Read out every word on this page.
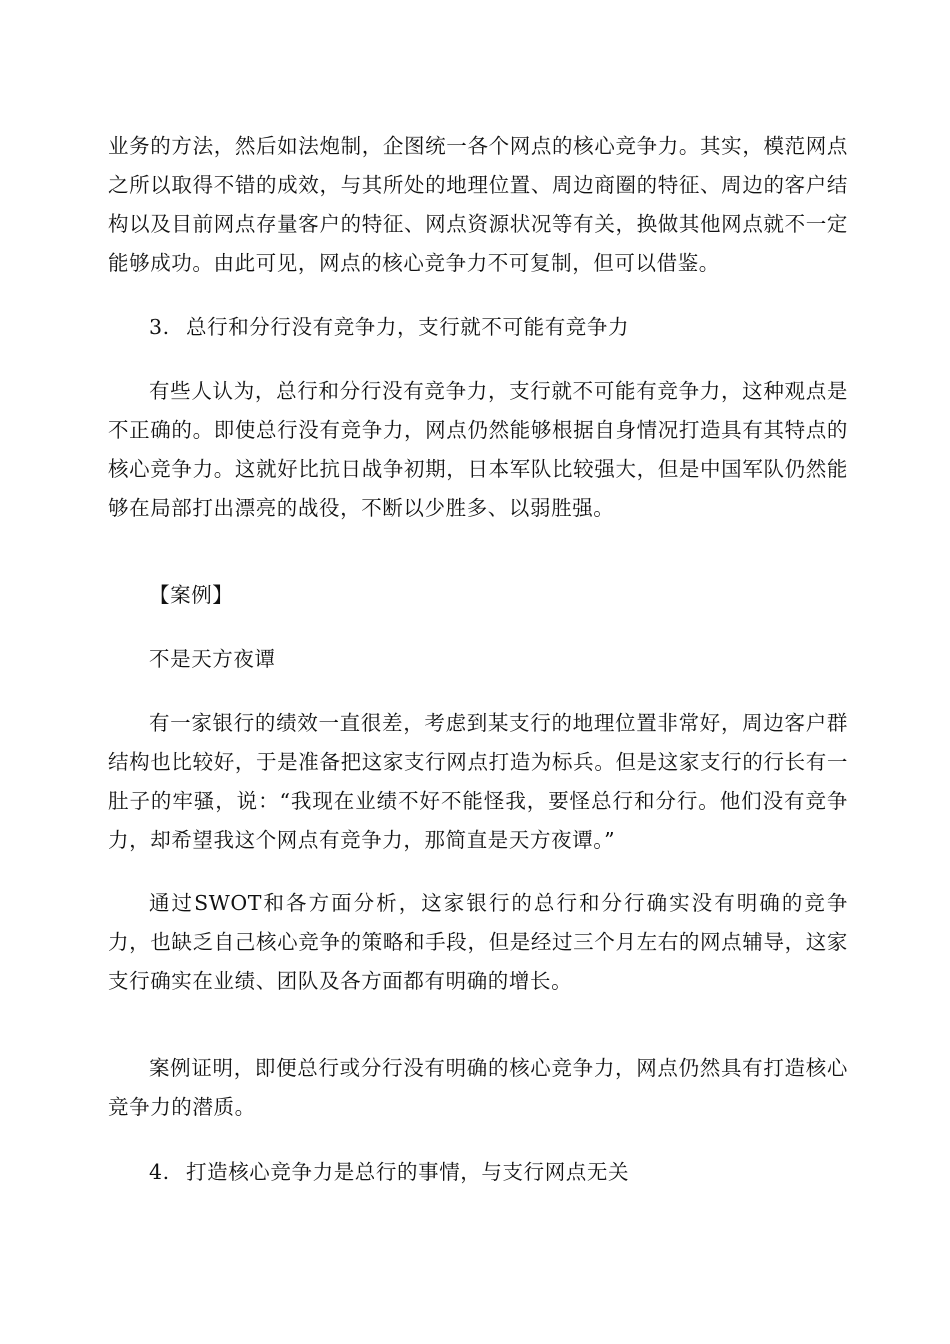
业务的方法，然后如法炮制，企图统一各个网点的核心竞争力。其实，模范网点之所以取得不错的成效，与其所处的地理位置、周边商圈的特征、周边的客户结构以及目前网点存量客户的特征、网点资源状况等有关，换做其他网点就不一定能够成功。由此可见，网点的核心竞争力不可复制，但可以借鉴。

3. 总行和分行没有竞争力，支行就不可能有竞争力

有些人认为，总行和分行没有竞争力，支行就不可能有竞争力，这种观点是不正确的。即使总行没有竞争力，网点仍然能够根据自身情况打造具有其特点的核心竞争力。这就好比抗日战争初期，日本军队比较强大，但是中国军队仍然能够在局部打出漂亮的战役，不断以少胜多、以弱胜强。

【案例】

不是天方夜谭

有一家银行的绩效一直很差，考虑到某支行的地理位置非常好，周边客户群结构也比较好，于是准备把这家支行网点打造为标兵。但是这家支行的行长有一肚子的牢骚，说：“我现在业绩不好不能怪我，要怪总行和分行。他们没有竞争力，却希望我这个网点有竞争力，那简直是天方夜谭。”

通过SWOT和各方面分析，这家银行的总行和分行确实没有明确的竞争力，也缺乏自己核心竞争的策略和手段，但是经过三个月左右的网点辅导，这家支行确实在业绩、团队及各方面都有明确的增长。

案例证明，即便总行或分行没有明确的核心竞争力，网点仍然具有打造核心竞争力的潜质。

4. 打造核心竞争力是总行的事情，与支行网点无关
